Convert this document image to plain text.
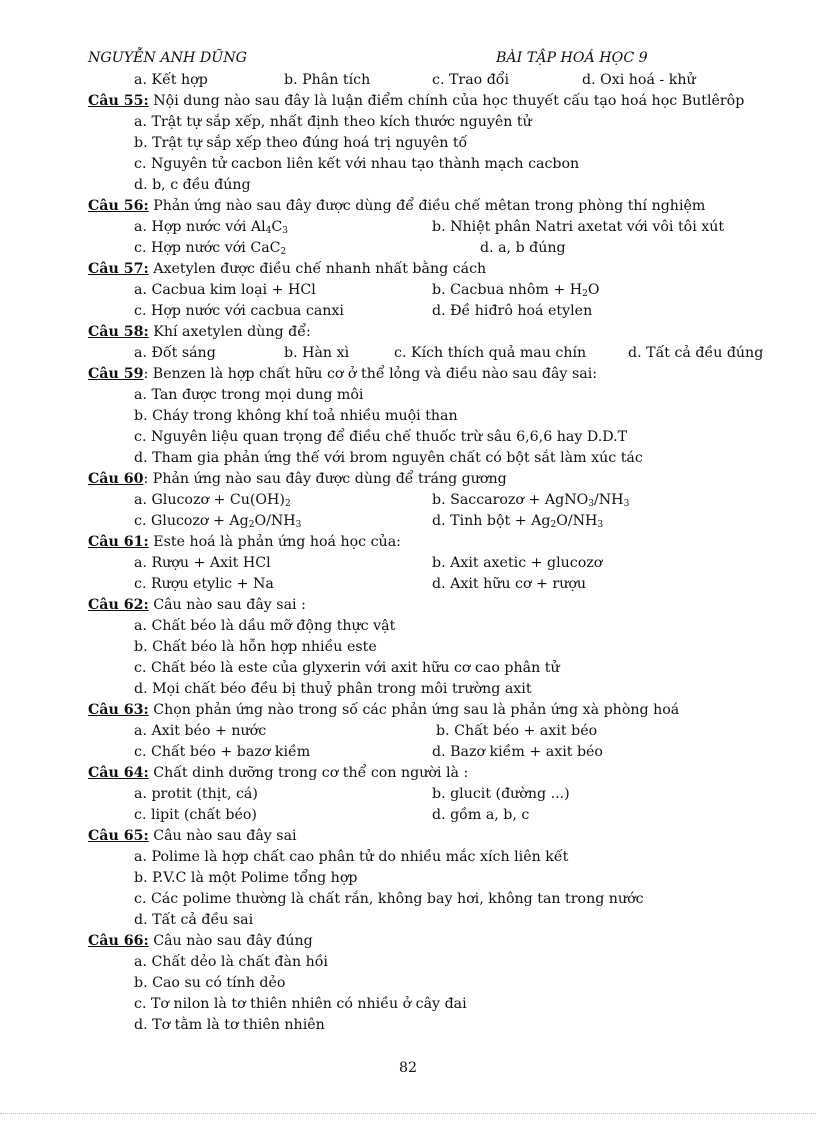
NGUYỄN ANH DŨNG	BÀI TẬP HOÁ HỌC 9
a. Kết hợp	b. Phân tích	c. Trao đổi	d. Oxi hoá - khử
Câu 55: Nội dung nào sau đây là luận điểm chính của học thuyết cấu tạo hoá học Butlêrôp
a. Trật tự sắp xếp, nhất định theo kích thước nguyên tử
b. Trật tự sắp xếp theo đúng hoá trị nguyên tố
c. Nguyên tử cacbon liên kết với nhau tạo thành mạch cacbon
d. b, c đều đúng
Câu 56: Phản ứng nào sau đây được dùng để điều chế mêtan trong phòng thí nghiệm
a. Hợp nước với $Al_4C_3$	b. Nhiệt phân Natri axetat với vôi tôi xút
c. Hợp nước với CaC$_2$	d. a, b đúng
Câu 57: Axetylen được điều chế nhanh nhất bằng cách
a. Cacbua kim loại + HCl	b. Cacbua nhôm + $H_2O$
c. Hợp nước với cacbua canxi	d. Đề hiđrô hoá etylen
Câu 58: Khí axetylen dùng để:
a. Đốt sáng	b. Hàn xì	c. Kích thích quả mau chín	d. Tất cả đều đúng
Câu 59: Benzen là hợp chất hữu cơ ở thể lỏng và điều nào sau đây sai:
a. Tan được trong mọi dung môi
b. Cháy trong không khí toả nhiều muội than
c. Nguyên liệu quan trọng để điều chế thuốc trừ sâu 6,6,6 hay D.D.T
d. Tham gia phản ứng thế với brom nguyên chất có bột sắt làm xúc tác
Câu 60: Phản ứng nào sau đây được dùng để tráng gương
a. Glucozơ + $Cu(OH)_2$	b. Saccarozơ + $AgNO_3/NH_3$
c. Glucozơ + $Ag_2O/NH_3$	d. Tinh bột + $Ag_2O/NH_3$
Câu 61: Este hoá là phản ứng hoá học của:
a. Rượu + Axit HCl	b. Axit axetic + glucozơ
c. Rượu etylic + Na	d. Axit hữu cơ + rượu
Câu 62: Câu nào sau đây sai :
a. Chất béo là dầu mỡ động thực vật
b. Chất béo là hỗn hợp nhiều este
c. Chất béo là este của glyxerin với axit hữu cơ cao phân tử
d. Mọi chất béo đều bị thuỷ phân trong môi trường axit
Câu 63: Chọn phản ứng nào trong số các phản ứng sau là phản ứng xà phòng hoá
a. Axit béo + nước	b. Chất béo + axit béo
c. Chất béo + bazơ kiềm	d. Bazơ kiềm + axit béo
Câu 64: Chất dinh dưỡng trong cơ thể con người là :
a. protit (thịt, cá)	b. glucit (đường ...)
c. lipit (chất béo)	d. gồm a, b, c
Câu 65: Câu nào sau đây sai
a. Polime là hợp chất cao phân tử do nhiều mắc xích liên kết
b. P.V.C là một Polime tổng hợp
c. Các polime thường là chất rắn, không bay hơi, không tan trong nước
d. Tất cả đều sai
Câu 66: Câu nào sau đây đúng
a. Chất dẻo là chất đàn hồi
b. Cao su có tính dẻo
c. Tơ nilon là tơ thiên nhiên có nhiều ở cây đai
d. Tơ tằm là tơ thiên nhiên
82
